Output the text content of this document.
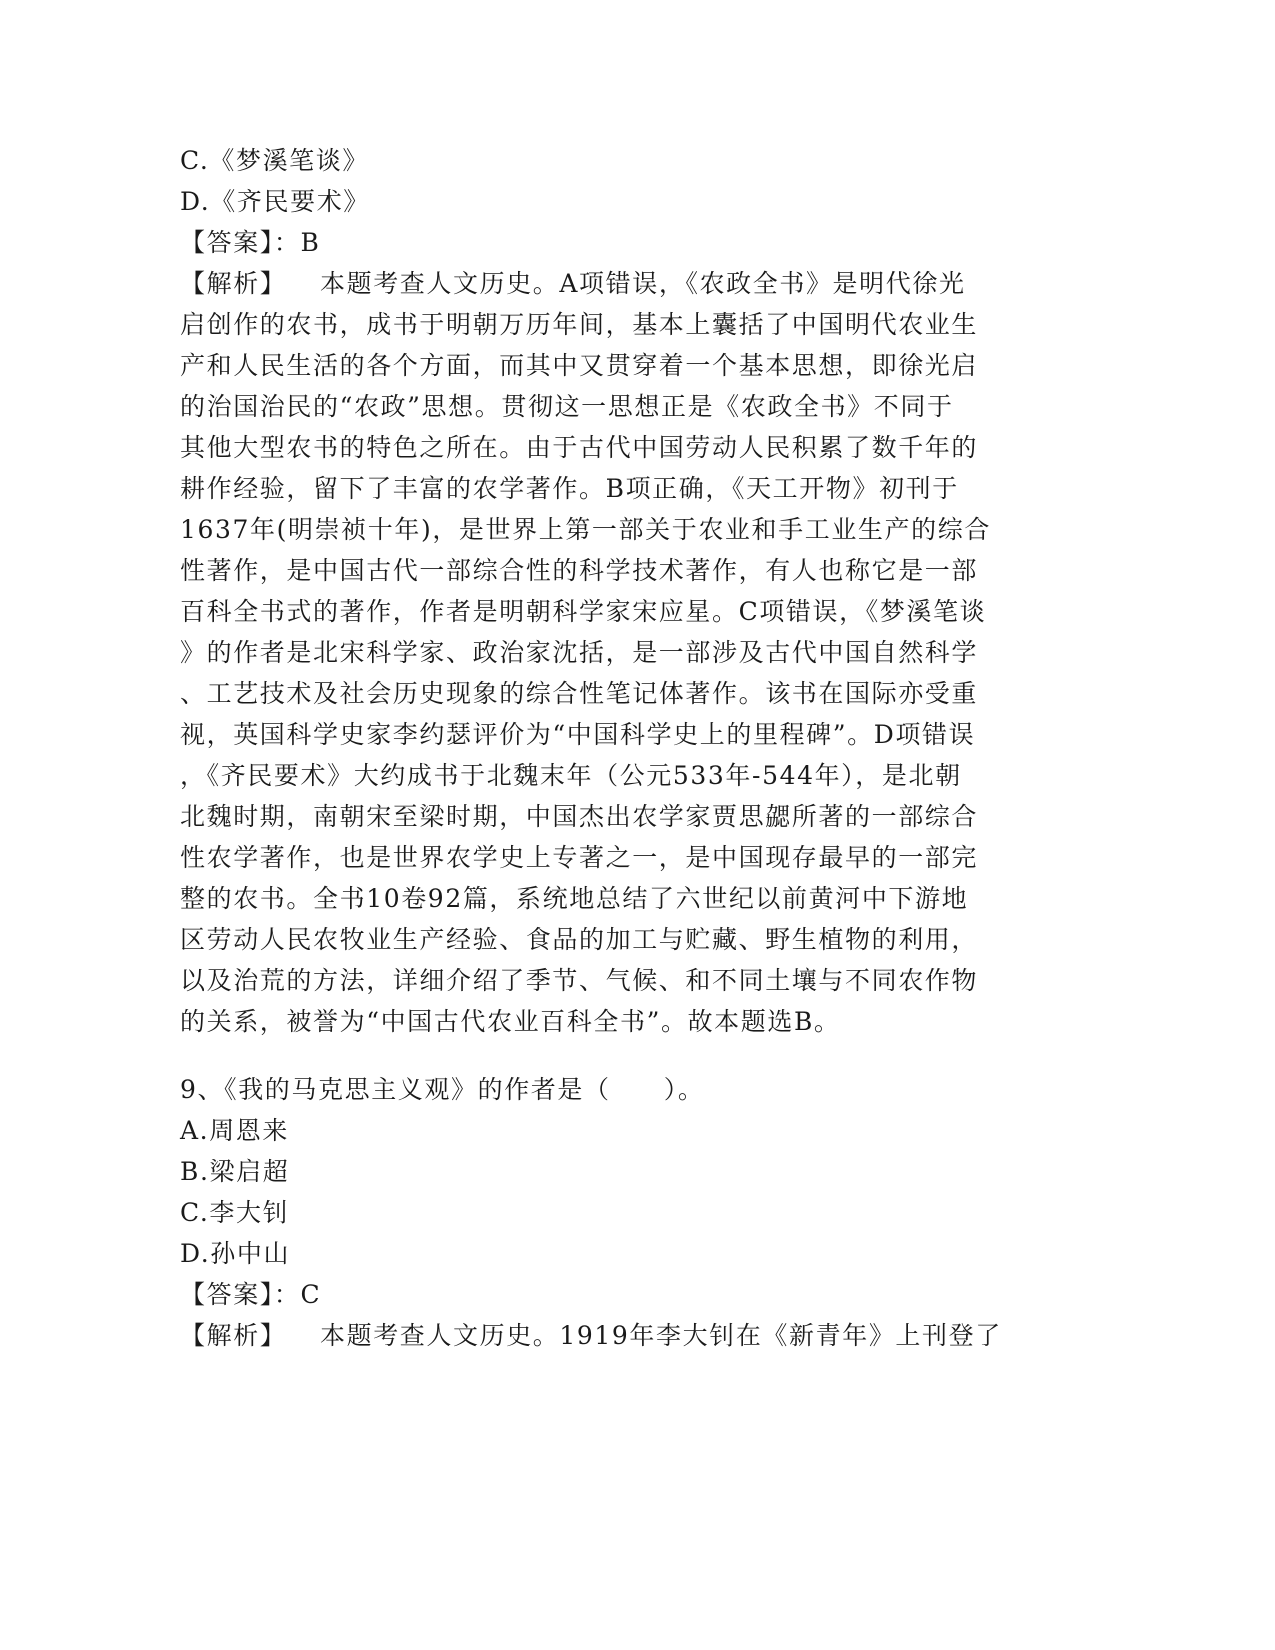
C.《梦溪笔谈》
D.《齐民要术》
【答案】：B
【解析】 本题考查人文历史。A项错误，《农政全书》是明代徐光
启创作的农书，成书于明朝万历年间，基本上囊括了中国明代农业生
产和人民生活的各个方面，而其中又贯穿着一个基本思想，即徐光启
的治国治民的“农政”思想。贯彻这一思想正是《农政全书》不同于
其他大型农书的特色之所在。由于古代中国劳动人民积累了数千年的
耕作经验，留下了丰富的农学著作。B项正确，《天工开物》初刊于
1637年(明崇祯十年)，是世界上第一部关于农业和手工业生产的综合
性著作，是中国古代一部综合性的科学技术著作，有人也称它是一部
百科全书式的著作，作者是明朝科学家宋应星。C项错误，《梦溪笔谈
》的作者是北宋科学家、政治家沈括，是一部涉及古代中国自然科学
、工艺技术及社会历史现象的综合性笔记体著作。该书在国际亦受重
视，英国科学史家李约瑟评价为“中国科学史上的里程碑”。D项错误
，《齐民要术》大约成书于北魏末年（公元533年-544年），是北朝
北魏时期，南朝宋至梁时期，中国杰出农学家贾思勰所著的一部综合
性农学著作，也是世界农学史上专著之一，是中国现存最早的一部完
整的农书。全书10卷92篇，系统地总结了六世纪以前黄河中下游地
区劳动人民农牧业生产经验、食品的加工与贮藏、野生植物的利用，
以及治荒的方法，详细介绍了季节、气候、和不同土壤与不同农作物
的关系，被誉为“中国古代农业百科全书”。故本题选B。
9、《我的马克思主义观》的作者是（　　）。
A.周恩来
B.梁启超
C.李大钊
D.孙中山
【答案】：C
【解析】 本题考查人文历史。1919年李大钊在《新青年》上刊登了
